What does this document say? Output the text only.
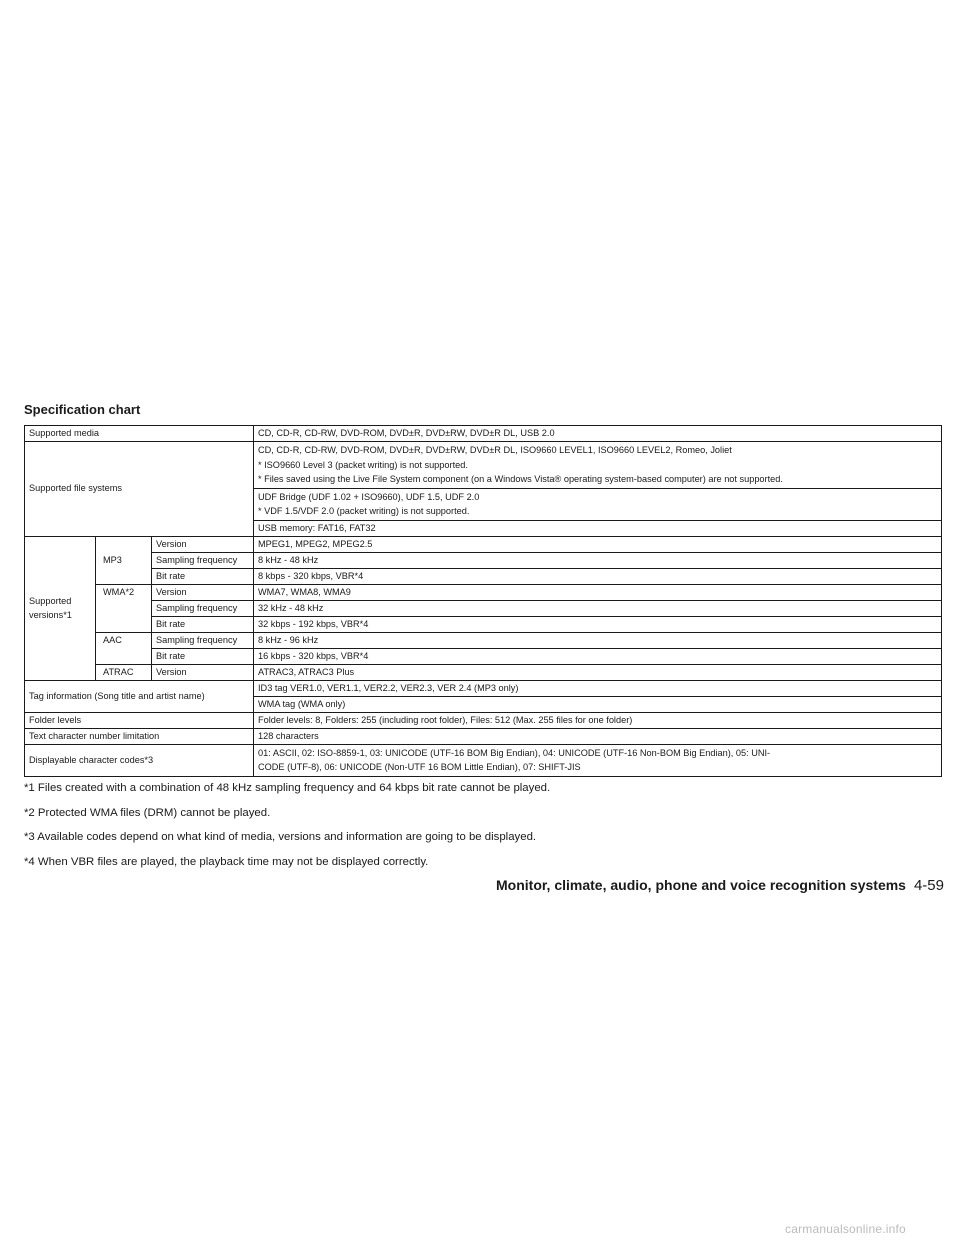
Specification chart
Supported media			CD, CD-R, CD-RW, DVD-ROM, DVD±R, DVD±RW, DVD±R DL, USB 2.0
Supported file systems			CD, CD-R, CD-RW, DVD-ROM, DVD±R, DVD±RW, DVD±R DL, ISO9660 LEVEL1, ISO9660 LEVEL2, Romeo, Joliet
* ISO9660 Level 3 (packet writing) is not supported.
* Files saved using the Live File System component (on a Windows Vista® operating system-based computer) are not supported.

			UDF Bridge (UDF 1.02 + ISO9660), UDF 1.5, UDF 2.0
* VDF 1.5/VDF 2.0 (packet writing) is not supported.

			USB memory: FAT16, FAT32

Supported
versions*1	MP3	Version	MPEG1, MPEG2, MPEG2.5
		Sampling frequency	8 kHz - 48 kHz
		Bit rate	8 kbps - 320 kbps, VBR*4
	WMA*2	Version	WMA7, WMA8, WMA9
		Sampling frequency	32 kHz - 48 kHz
		Bit rate	32 kbps - 192 kbps, VBR*4
	AAC	Sampling frequency	8 kHz - 96 kHz
		Bit rate	16 kbps - 320 kbps, VBR*4
	ATRAC	Version	ATRAC3, ATRAC3 Plus
Tag information (Song title and artist name)			ID3 tag VER1.0, VER1.1, VER2.2, VER2.3, VER 2.4 (MP3 only)
			WMA tag (WMA only)
Folder levels			Folder levels: 8, Folders: 255 (including root folder), Files: 512 (Max. 255 files for one folder)
Text character number limitation			128 characters
Displayable character codes*3			01: ASCII, 02: ISO-8859-1, 03: UNICODE (UTF-16 BOM Big Endian), 04: UNICODE (UTF-16 Non-BOM Big Endian), 05: UNI-
CODE (UTF-8), 06: UNICODE (Non-UTF 16 BOM Little Endian), 07: SHIFT-JIS

*1 Files created with a combination of 48 kHz sampling frequency and 64 kbps bit rate cannot be played.

*2 Protected WMA files (DRM) cannot be played.

*3 Available codes depend on what kind of media, versions and information are going to be displayed.

*4 When VBR files are played, the playback time may not be displayed correctly.

Monitor, climate, audio, phone and voice recognition systems 4-59
carmanualsonline.info
